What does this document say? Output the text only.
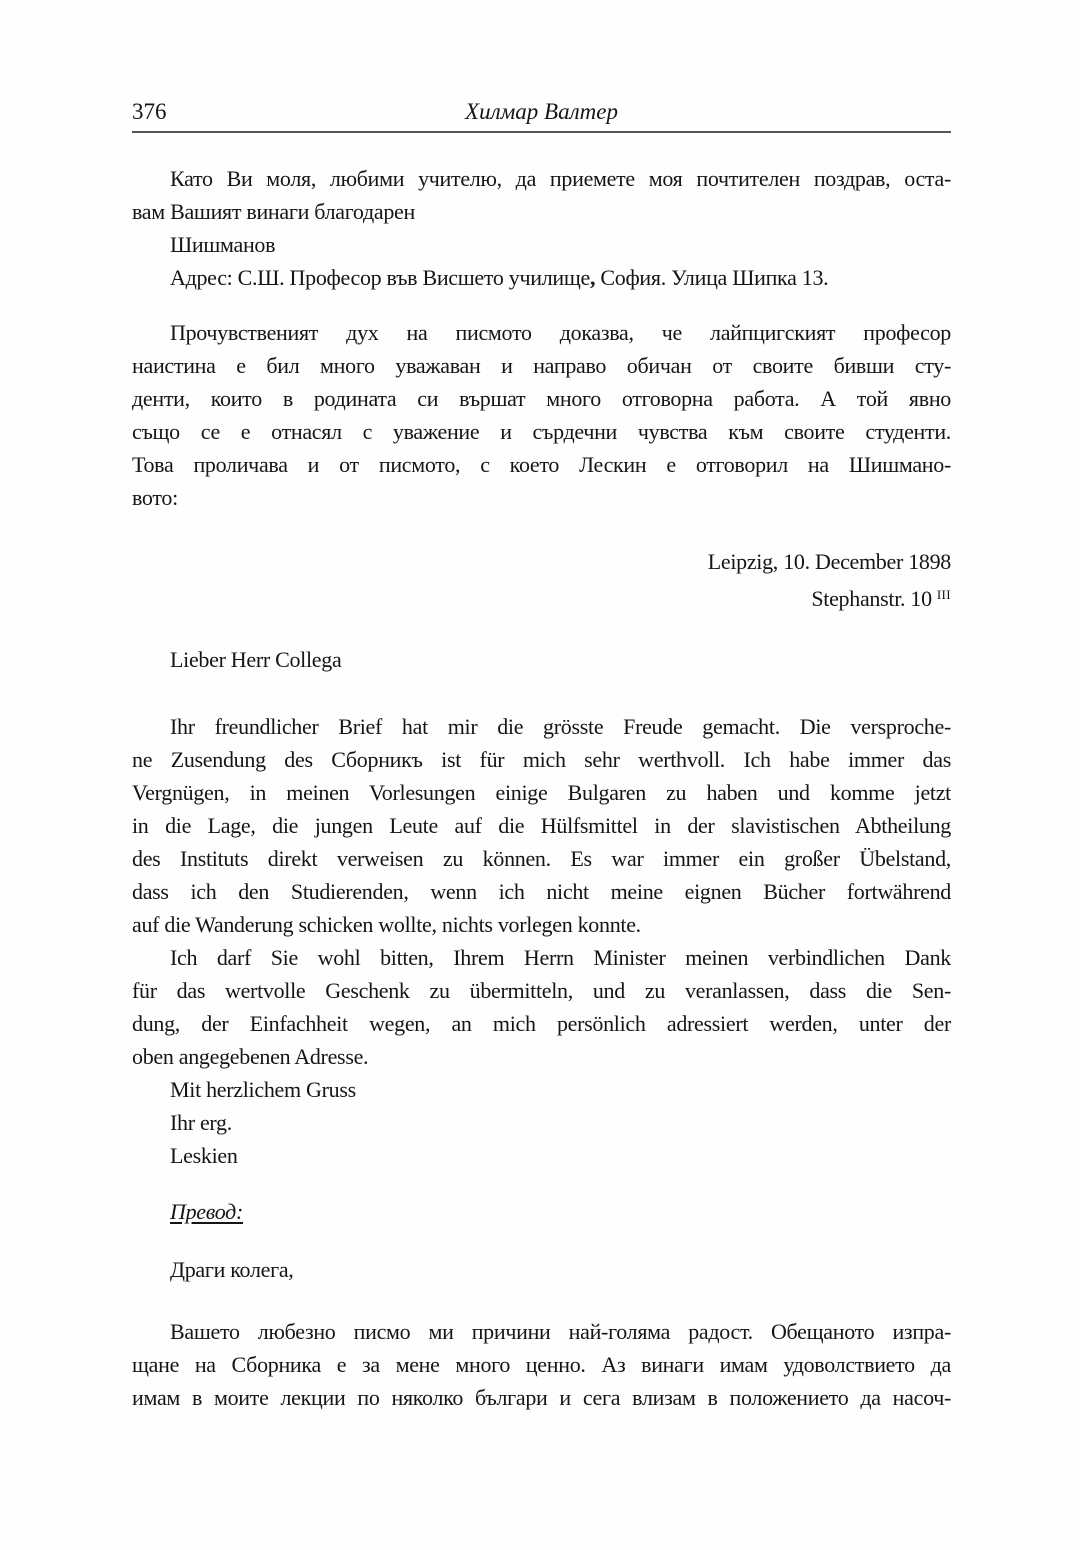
376	Хилмар Валтер
Като Ви моля, любими учителю, да приемете моя почтителен поздрав, оста-
вам Вашият винаги благодарен
Шишманов
Адрес: С.Ш. Професор във Висшето училище, София. Улица Шипка 13.
Прочувственият дух на писмото доказва, че лайпцигският професор
наистина е бил много уважаван и направо обичан от своите бивши сту-
денти, които в родината си вършат много отговорна работа. А той явно
също се е отнасял с уважение и сърдечни чувства към своите студенти.
Това проличава и от писмото, с което Лескин е отговорил на Шишмано-
вото:
Leipzig, 10. December 1898
Stephanstr. 10 $^{III}$
Lieber Herr Collega
Ihr freundlicher Brief hat mir die grösste Freude gemacht. Die versproche-
ne Zusendung des Сборникъ ist für mich sehr werthvoll. Ich habe immer das
Vergnügen, in meinen Vorlesungen einige Bulgaren zu haben und komme jetzt
in die Lage, die jungen Leute auf die Hülfsmittel in der slavistischen Abtheilung
des Instituts direkt verweisen zu können. Es war immer ein großer Übelstand,
dass ich den Studierenden, wenn ich nicht meine eignen Bücher fortwährend
auf die Wanderung schicken wollte, nichts vorlegen konnte.
Ich darf Sie wohl bitten, Ihrem Herrn Minister meinen verbindlichen Dank
für das wertvolle Geschenk zu übermitteln, und zu veranlassen, dass die Sen-
dung, der Einfachheit wegen, an mich persönlich adressiert werden, unter der
oben angegebenen Adresse.
Mit herzlichem Gruss
Ihr erg.
Leskien
Превод:
Драги колега,
Вашето любезно писмо ми причини най-голяма радост. Обещаното изпра-
щане на Сборника е за мене много ценно. Аз винаги имам удоволствието да
имам в моите лекции по няколко българи и сега влизам в положението да насоч-
